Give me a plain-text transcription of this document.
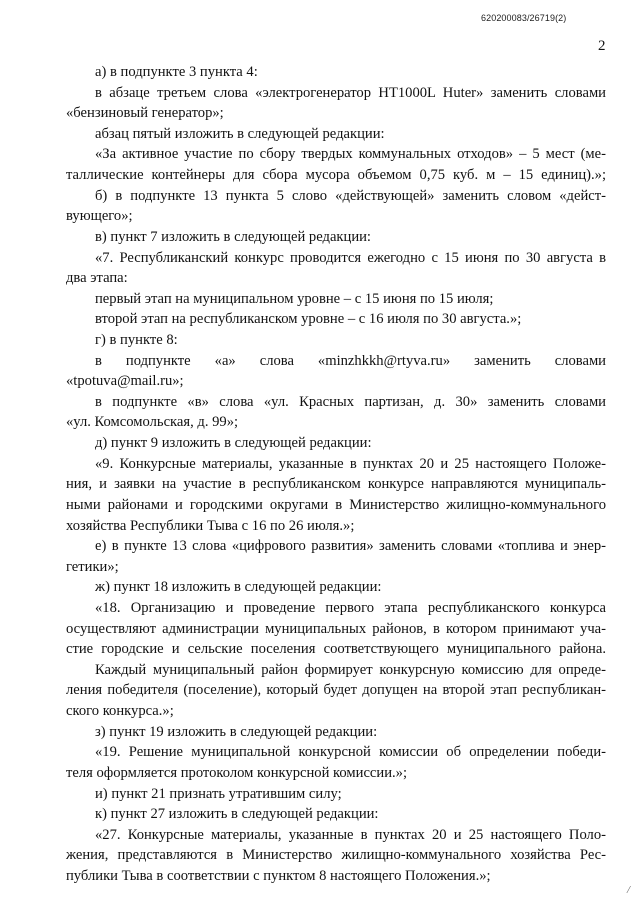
620200083/26719(2)
2
а) в подпункте 3 пункта 4:
в абзаце третьем слова «электрогенератор НТ1000L Huter» заменить словами
«бензиновый генератор»;
абзац пятый изложить в следующей редакции:
«За активное участие по сбору твердых коммунальных отходов» – 5 мест (ме-
таллические контейнеры для сбора мусора объемом 0,75 куб. м – 15 единиц).»;
б) в подпункте 13 пункта 5 слово «действующей» заменить словом «дейст-
вующего»;
в) пункт 7 изложить в следующей редакции:
«7. Республиканский конкурс проводится ежегодно с 15 июня по 30 августа в
два этапа:
первый этап на муниципальном уровне – с 15 июня по 15 июля;
второй этап на республиканском уровне – с 16 июля по 30 августа.»;
г) в пункте 8:
в подпункте «а» слова «minzhkkh@rtyva.ru» заменить словами
«tpotuva@mail.ru»;
в подпункте «в» слова «ул. Красных партизан, д. 30» заменить словами
«ул. Комсомольская, д. 99»;
д) пункт 9 изложить в следующей редакции:
«9. Конкурсные материалы, указанные в пунктах 20 и 25 настоящего Положе-
ния, и заявки на участие в республиканском конкурсе направляются муниципаль-
ными районами и городскими округами в Министерство жилищно-коммунального
хозяйства Республики Тыва с 16 по 26 июля.»;
е) в пункте 13 слова «цифрового развития» заменить словами «топлива и энер-
гетики»;
ж) пункт 18 изложить в следующей редакции:
«18. Организацию и проведение первого этапа республиканского конкурса
осуществляют администрации муниципальных районов, в котором принимают уча-
стие городские и сельские поселения соответствующего муниципального района.
Каждый муниципальный район формирует конкурсную комиссию для опреде-
ления победителя (поселение), который будет допущен на второй этап республикан-
ского конкурса.»;
з) пункт 19 изложить в следующей редакции:
«19. Решение муниципальной конкурсной комиссии об определении победи-
теля оформляется протоколом конкурсной комиссии.»;
и) пункт 21 признать утратившим силу;
к) пункт 27 изложить в следующей редакции:
«27. Конкурсные материалы, указанные в пунктах 20 и 25 настоящего Поло-
жения, представляются в Министерство жилищно-коммунального хозяйства Рес-
публики Тыва в соответствии с пунктом 8 настоящего Положения.»;
/
